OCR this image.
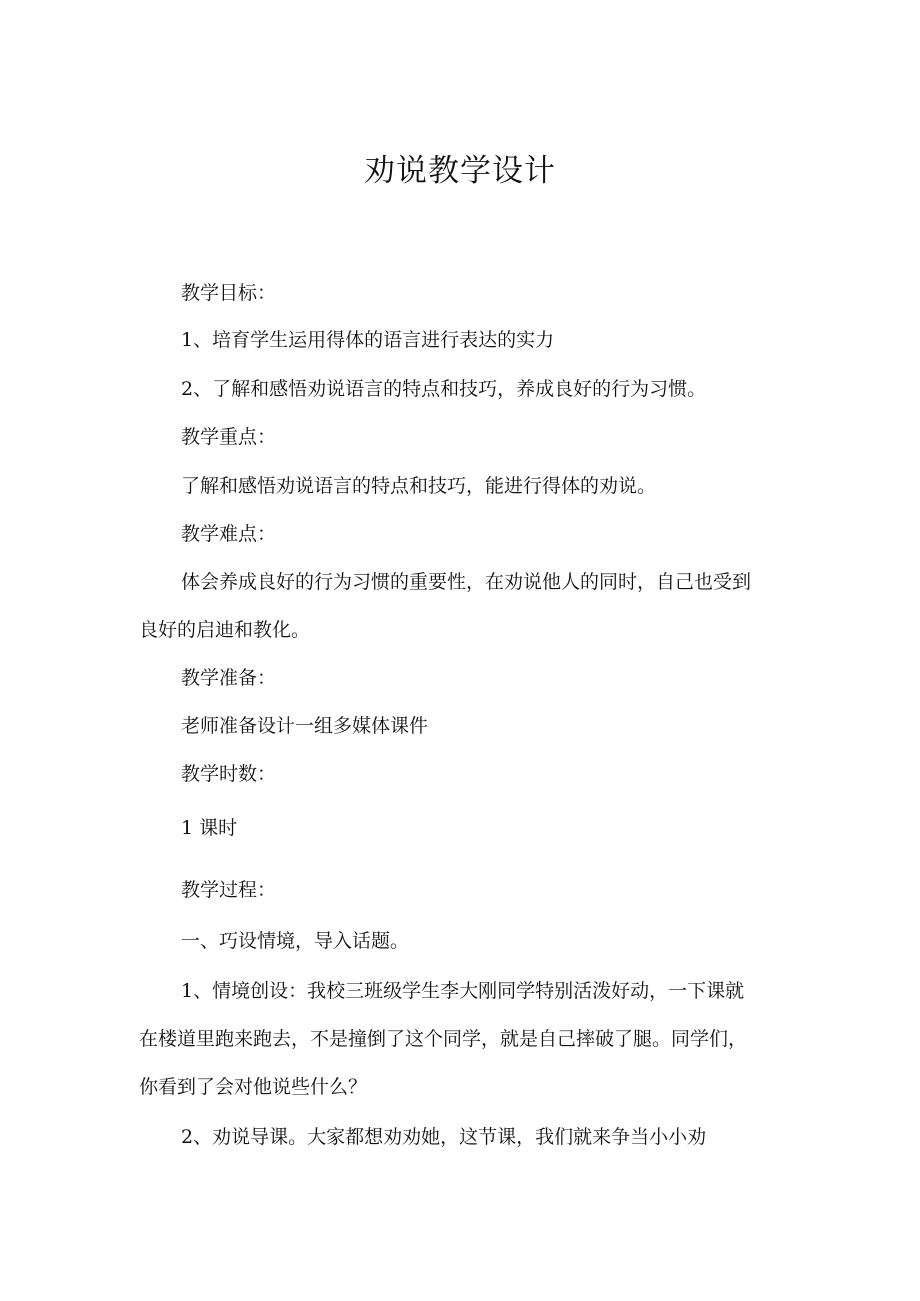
劝说教学设计
教学目标：
1、培育学生运用得体的语言进行表达的实力
2、了解和感悟劝说语言的特点和技巧，养成良好的行为习惯。
教学重点：
了解和感悟劝说语言的特点和技巧，能进行得体的劝说。
教学难点：
体会养成良好的行为习惯的重要性，在劝说他人的同时，自己也受到
良好的启迪和教化。
教学准备：
老师准备设计一组多媒体课件
教学时数：
1 课时
教学过程：
一、巧设情境，导入话题。
1、情境创设：我校三班级学生李大刚同学特别活泼好动，一下课就
在楼道里跑来跑去，不是撞倒了这个同学，就是自己摔破了腿。同学们，
你看到了会对他说些什么？
2、劝说导课。大家都想劝劝她，这节课，我们就来争当小小劝
